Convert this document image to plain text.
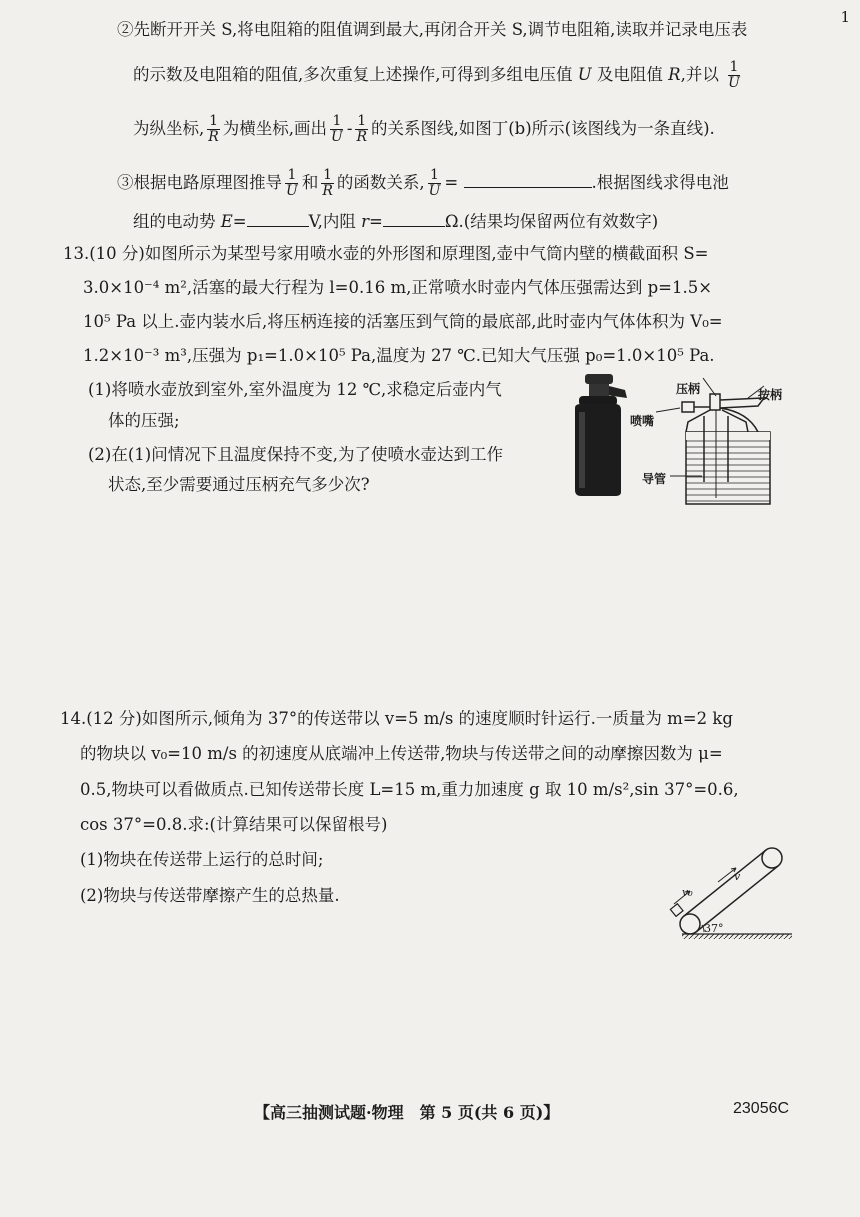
1
②先断开开关 S,将电阻箱的阻值调到最大,再闭合开关 S,调节电阻箱,读取并记录电压表
的示数及电阻箱的阻值,多次重复上述操作,可得到多组电压值 U 及电阻值 R,并以 $\frac{1}{U}$
为纵坐标, $\frac{1}{R}$ 为横坐标,画出 $\frac{1}{U} - \frac{1}{R}$ 的关系图线,如图丁(b)所示(该图线为一条直线).
③根据电路原理图推导 $\frac{1}{U}$ 和 $\frac{1}{R}$ 的函数关系, $\frac{1}{U}$ =	.根据图线求得电池
组的电动势 E=	V,内阻 r=	Ω.(结果均保留两位有效数字)
13.(10 分)如图所示为某型号家用喷水壶的外形图和原理图,壶中气筒内壁的横截面积 S=
3.0×10⁻⁴ m²,活塞的最大行程为 l=0.16 m,正常喷水时壶内气体压强需达到 p=1.5×
10⁵ Pa 以上.壶内装水后,将压柄连接的活塞压到气筒的最底部,此时壶内气体体积为 V₀=
1.2×10⁻³ m³,压强为 p₁=1.0×10⁵ Pa,温度为 27 ℃.已知大气压强 p₀=1.0×10⁵ Pa.
(1)将喷水壶放到室外,室外温度为 12 ℃,求稳定后壶内气
体的压强;
(2)在(1)问情况下且温度保持不变,为了使喷水壶达到工作
状态,至少需要通过压柄充气多少次?
压柄	按柄
喷嘴
导管
14.(12 分)如图所示,倾角为 37°的传送带以 v=5 m/s 的速度顺时针运行.一质量为 m=2 kg
的物块以 v₀=10 m/s 的初速度从底端冲上传送带,物块与传送带之间的动摩擦因数为 μ=
0.5,物块可以看做质点.已知传送带长度 L=15 m,重力加速度 g 取 10 m/s²,sin 37°=0.6,
cos 37°=0.8.求:(计算结果可以保留根号)
(1)物块在传送带上运行的总时间;
(2)物块与传送带摩擦产生的总热量.	v₀
v
37°
【高三抽测试题·物理　第 5 页(共 6 页)】	23056C
